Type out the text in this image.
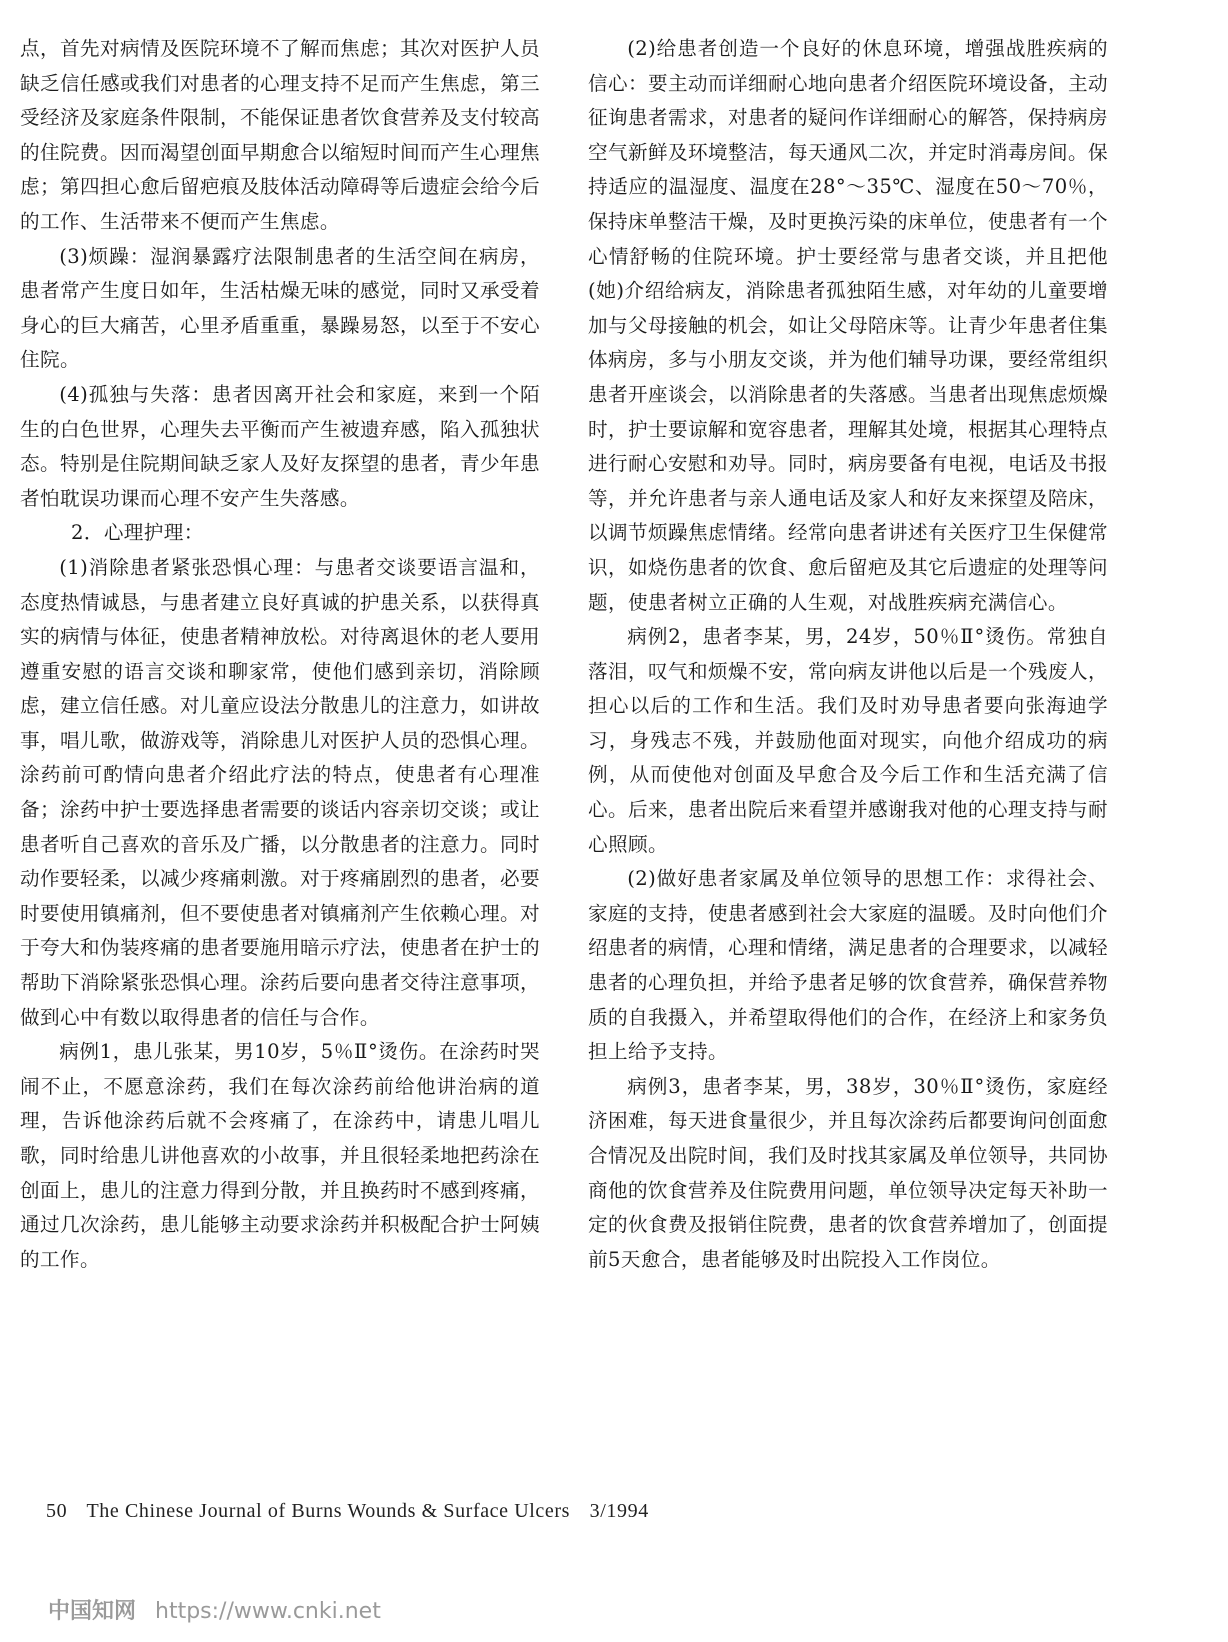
点，首先对病情及医院环境不了解而焦虑；其次对医护人员缺乏信任感或我们对患者的心理支持不足而产生焦虑，第三受经济及家庭条件限制，不能保证患者饮食营养及支付较高的住院费。因而渴望创面早期愈合以缩短时间而产生心理焦虑；第四担心愈后留疤痕及肢体活动障碍等后遗症会给今后的工作、生活带来不便而产生焦虑。

(3)烦躁：湿润暴露疗法限制患者的生活空间在病房，患者常产生度日如年，生活枯燥无味的感觉，同时又承受着身心的巨大痛苦，心里矛盾重重，暴躁易怒，以至于不安心住院。

(4)孤独与失落：患者因离开社会和家庭，来到一个陌生的白色世界，心理失去平衡而产生被遗弃感，陷入孤独状态。特别是住院期间缺乏家人及好友探望的患者，青少年患者怕耽误功课而心理不安产生失落感。

2．心理护理：

(1)消除患者紧张恐惧心理：与患者交谈要语言温和，态度热情诚恳，与患者建立良好真诚的护患关系，以获得真实的病情与体征，使患者精神放松。对待离退休的老人要用遵重安慰的语言交谈和聊家常，使他们感到亲切，消除顾虑，建立信任感。对儿童应设法分散患儿的注意力，如讲故事，唱儿歌，做游戏等，消除患儿对医护人员的恐惧心理。涂药前可酌情向患者介绍此疗法的特点，使患者有心理准备；涂药中护士要选择患者需要的谈话内容亲切交谈；或让患者听自己喜欢的音乐及广播，以分散患者的注意力。同时动作要轻柔，以减少疼痛刺激。对于疼痛剧烈的患者，必要时要使用镇痛剂，但不要使患者对镇痛剂产生依赖心理。对于夸大和伪装疼痛的患者要施用暗示疗法，使患者在护士的帮助下消除紧张恐惧心理。涂药后要向患者交待注意事项，做到心中有数以取得患者的信任与合作。

病例1，患儿张某，男10岁，5％Ⅱ°烫伤。在涂药时哭闹不止，不愿意涂药，我们在每次涂药前给他讲治病的道理，告诉他涂药后就不会疼痛了，在涂药中，请患儿唱儿歌，同时给患儿讲他喜欢的小故事，并且很轻柔地把药涂在创面上，患儿的注意力得到分散，并且换药时不感到疼痛，通过几次涂药，患儿能够主动要求涂药并积极配合护士阿姨的工作。

(2)给患者创造一个良好的休息环境，增强战胜疾病的信心：要主动而详细耐心地向患者介绍医院环境设备，主动征询患者需求，对患者的疑问作详细耐心的解答，保持病房空气新鲜及环境整洁，每天通风二次，并定时消毒房间。保持适应的温湿度、温度在28°～35℃、湿度在50～70％，保持床单整洁干燥，及时更换污染的床单位，使患者有一个心情舒畅的住院环境。护士要经常与患者交谈，并且把他(她)介绍给病友，消除患者孤独陌生感，对年幼的儿童要增加与父母接触的机会，如让父母陪床等。让青少年患者住集体病房，多与小朋友交谈，并为他们辅导功课，要经常组织患者开座谈会，以消除患者的失落感。当患者出现焦虑烦燥时，护士要谅解和宽容患者，理解其处境，根据其心理特点进行耐心安慰和劝导。同时，病房要备有电视，电话及书报等，并允许患者与亲人通电话及家人和好友来探望及陪床，以调节烦躁焦虑情绪。经常向患者讲述有关医疗卫生保健常识，如烧伤患者的饮食、愈后留疤及其它后遗症的处理等问题，使患者树立正确的人生观，对战胜疾病充满信心。

病例2，患者李某，男，24岁，50％Ⅱ°烫伤。常独自落泪，叹气和烦燥不安，常向病友讲他以后是一个残废人，担心以后的工作和生活。我们及时劝导患者要向张海迪学习，身残志不残，并鼓励他面对现实，向他介绍成功的病例，从而使他对创面及早愈合及今后工作和生活充满了信心。后来，患者出院后来看望并感谢我对他的心理支持与耐心照顾。

(2)做好患者家属及单位领导的思想工作：求得社会、家庭的支持，使患者感到社会大家庭的温暖。及时向他们介绍患者的病情，心理和情绪，满足患者的合理要求，以减轻患者的心理负担，并给予患者足够的饮食营养，确保营养物质的自我摄入，并希望取得他们的合作，在经济上和家务负担上给予支持。

病例3，患者李某，男，38岁，30％Ⅱ°烫伤，家庭经济困难，每天进食量很少，并且每次涂药后都要询问创面愈合情况及出院时间，我们及时找其家属及单位领导，共同协商他的饮食营养及住院费用问题，单位领导决定每天补助一定的伙食费及报销住院费，患者的饮食营养增加了，创面提前5天愈合，患者能够及时出院投入工作岗位。

50 The Chinese Journal of Burns Wounds & Surface Ulcers 3/1994
中国知网 https://www.cnki.net
